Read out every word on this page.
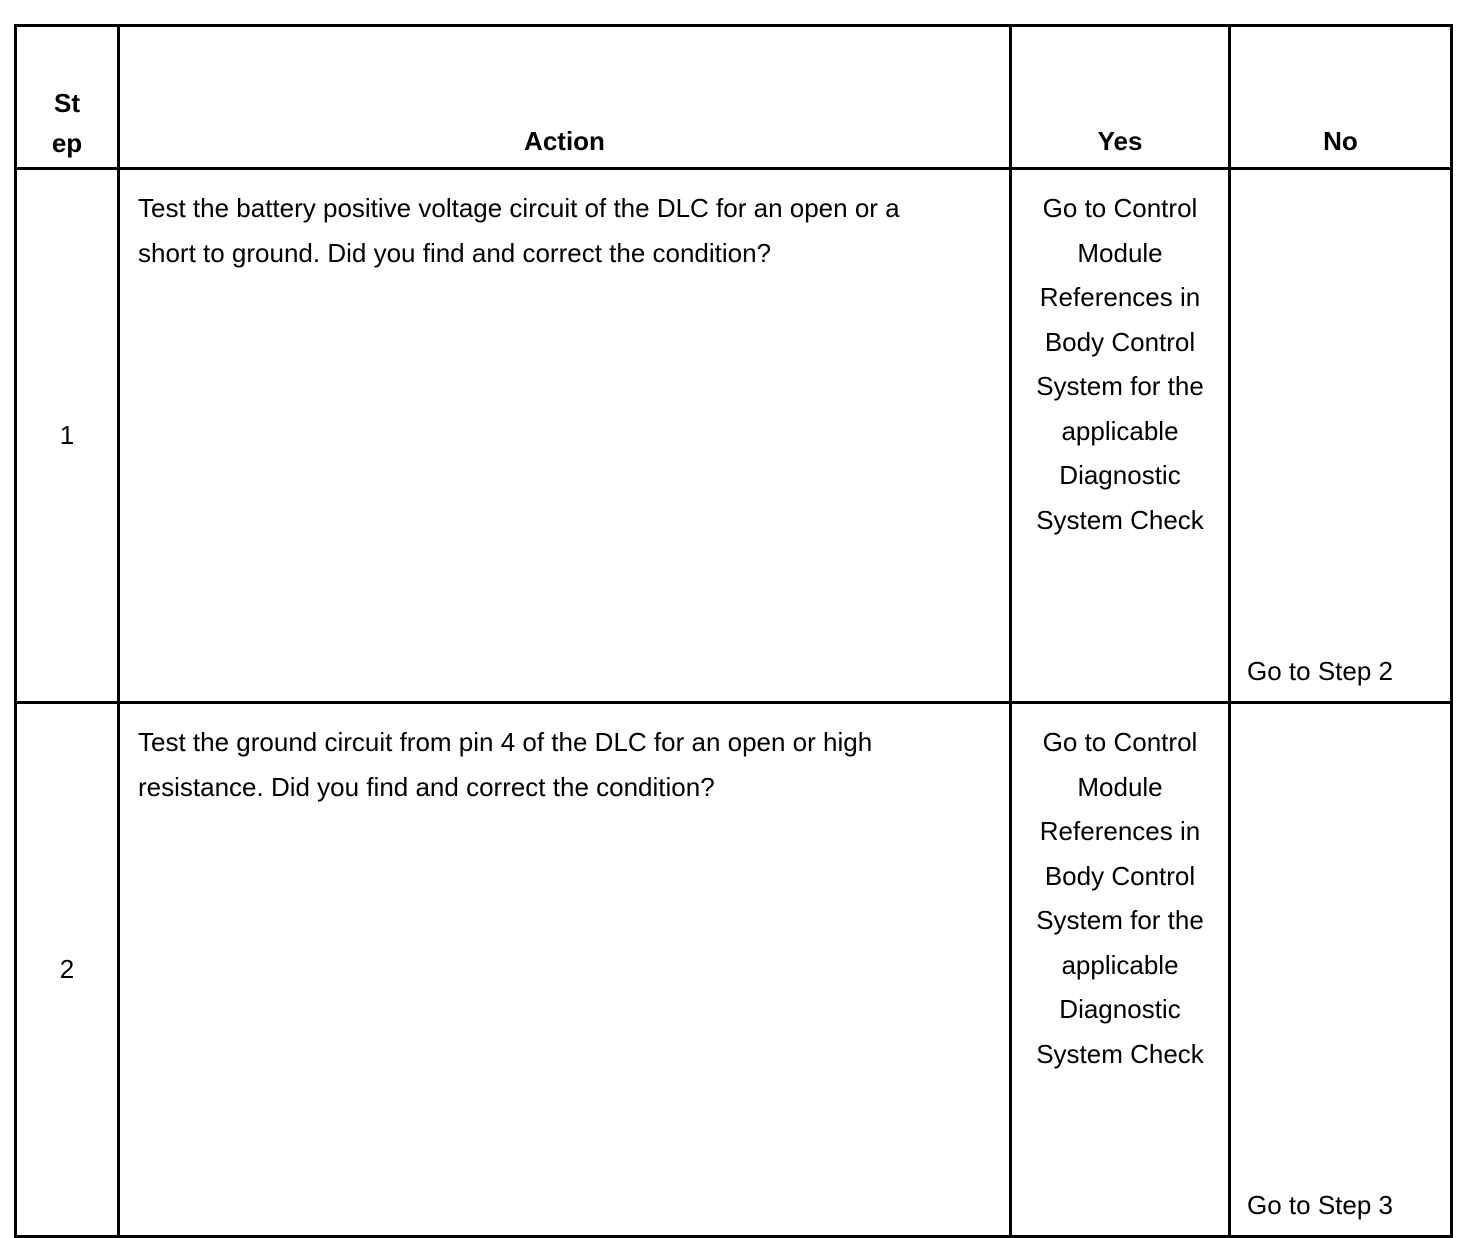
Step	Action	Yes	No
1	Test the battery positive voltage circuit of the DLC for an open or a short to ground. Did you find and correct the condition?	Go to Control Module References in Body Control System for the applicable Diagnostic System Check	Go to Step 2
2	Test the ground circuit from pin 4 of the DLC for an open or high resistance. Did you find and correct the condition?	Go to Control Module References in Body Control System for the applicable Diagnostic System Check	Go to Step 3
